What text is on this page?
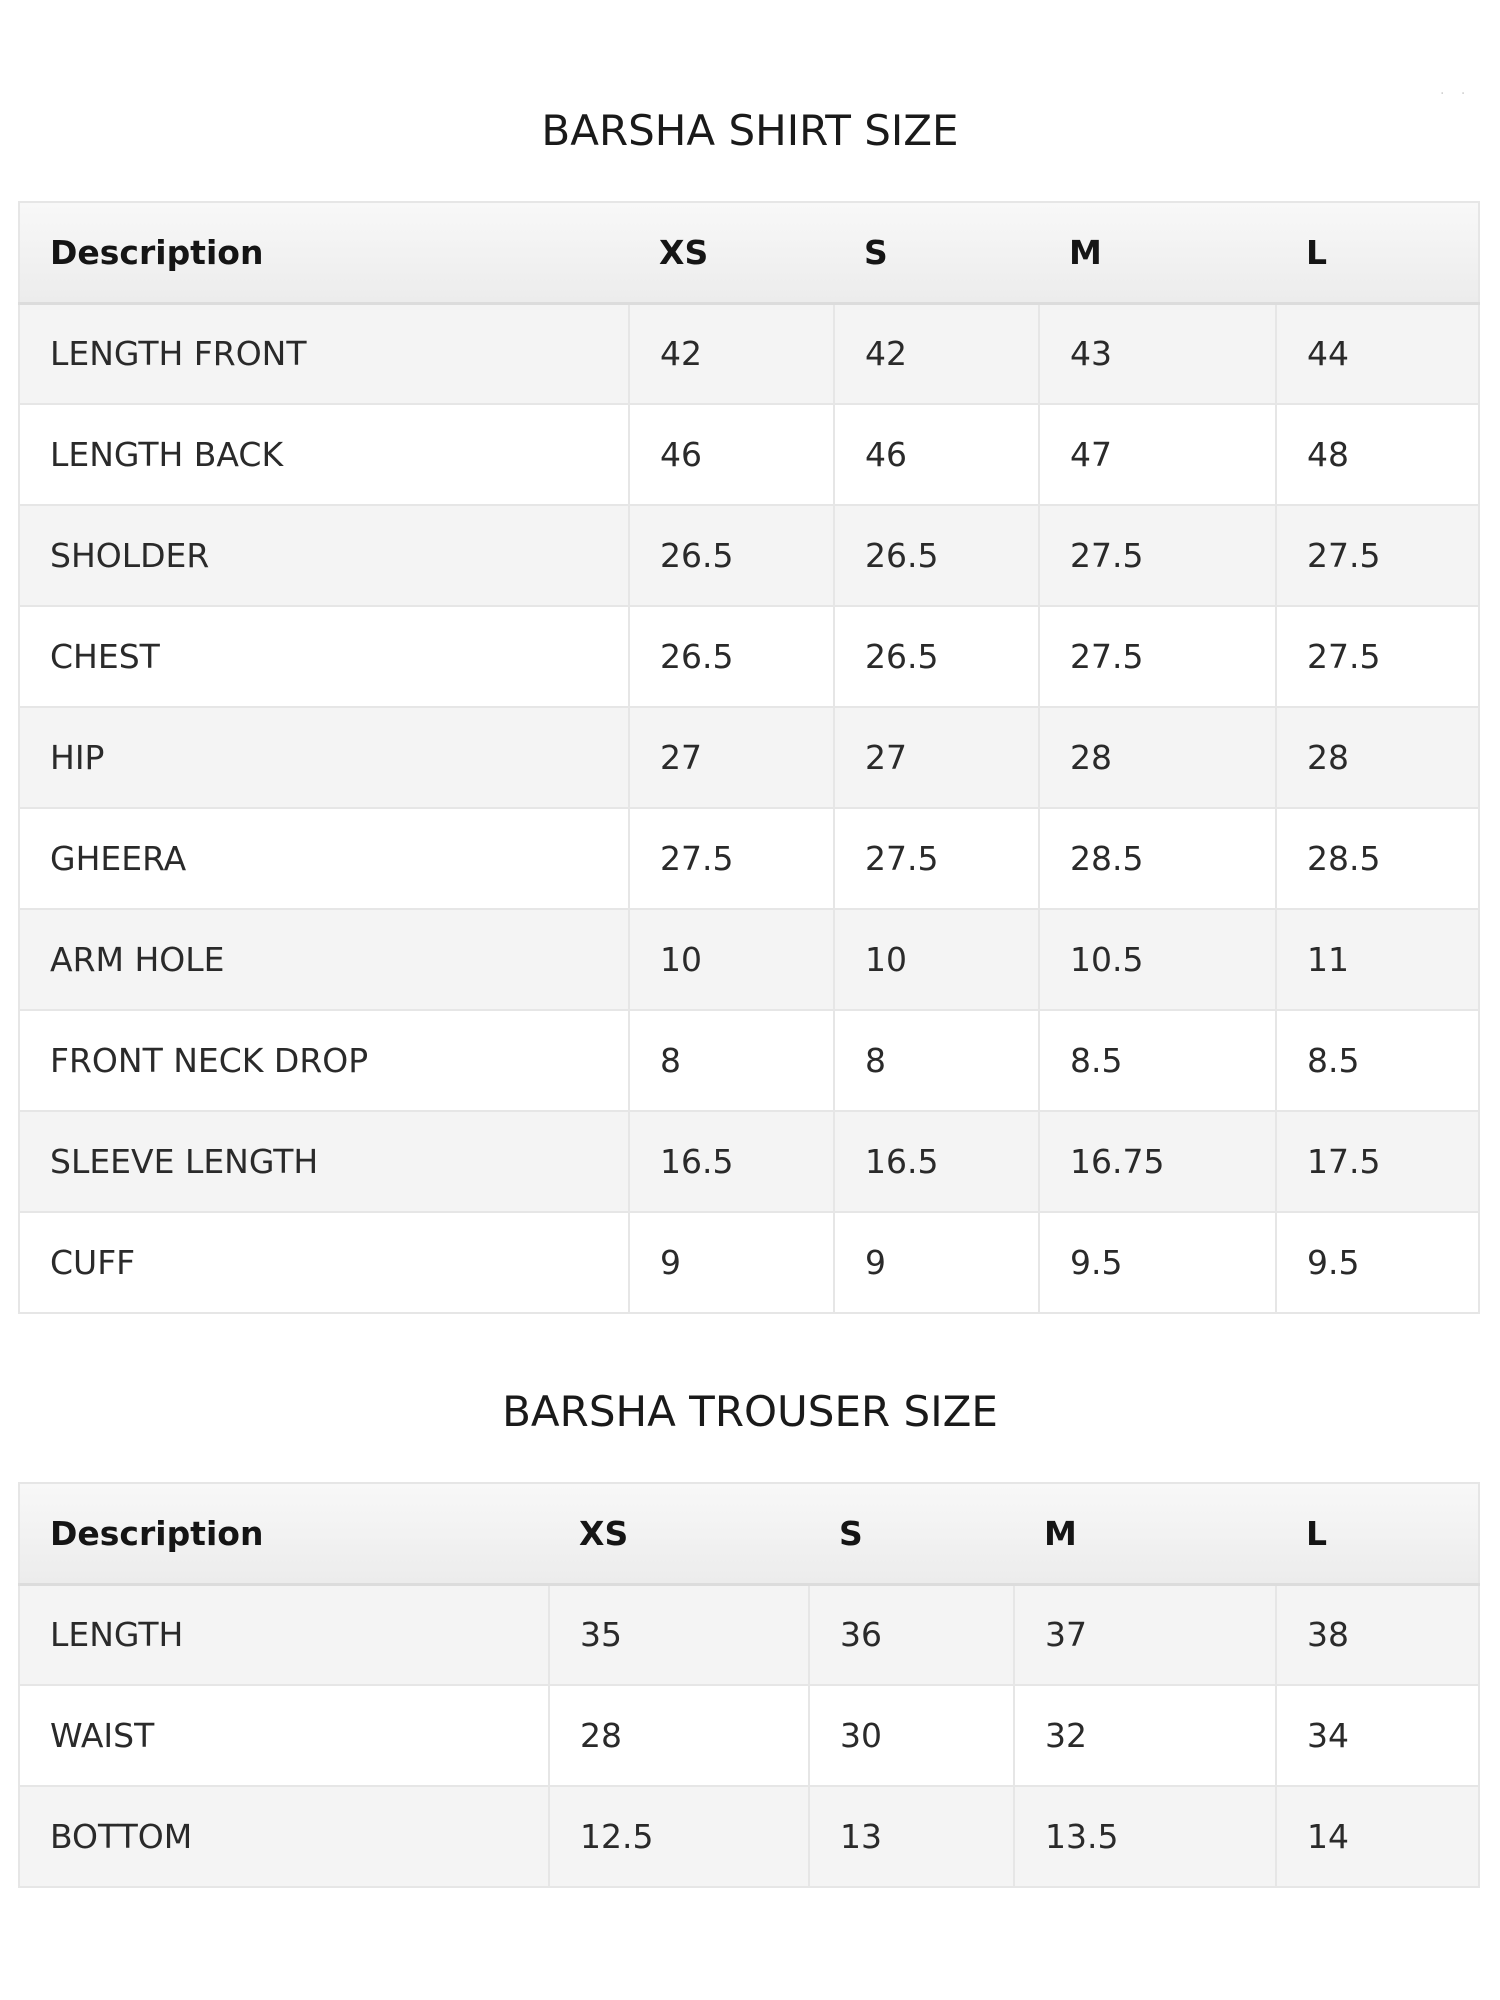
· ·
BARSHA SHIRT SIZE
Description	XS	S	M	L
LENGTH FRONT	42	42	43	44
LENGTH BACK	46	46	47	48
SHOLDER	26.5	26.5	27.5	27.5
CHEST	26.5	26.5	27.5	27.5
HIP	27	27	28	28
GHEERA	27.5	27.5	28.5	28.5
ARM HOLE	10	10	10.5	11
FRONT NECK DROP	8	8	8.5	8.5
SLEEVE LENGTH	16.5	16.5	16.75	17.5
CUFF	9	9	9.5	9.5
BARSHA TROUSER SIZE
Description	XS	S	M	L
LENGTH	35	36	37	38
WAIST	28	30	32	34
BOTTOM	12.5	13	13.5	14
